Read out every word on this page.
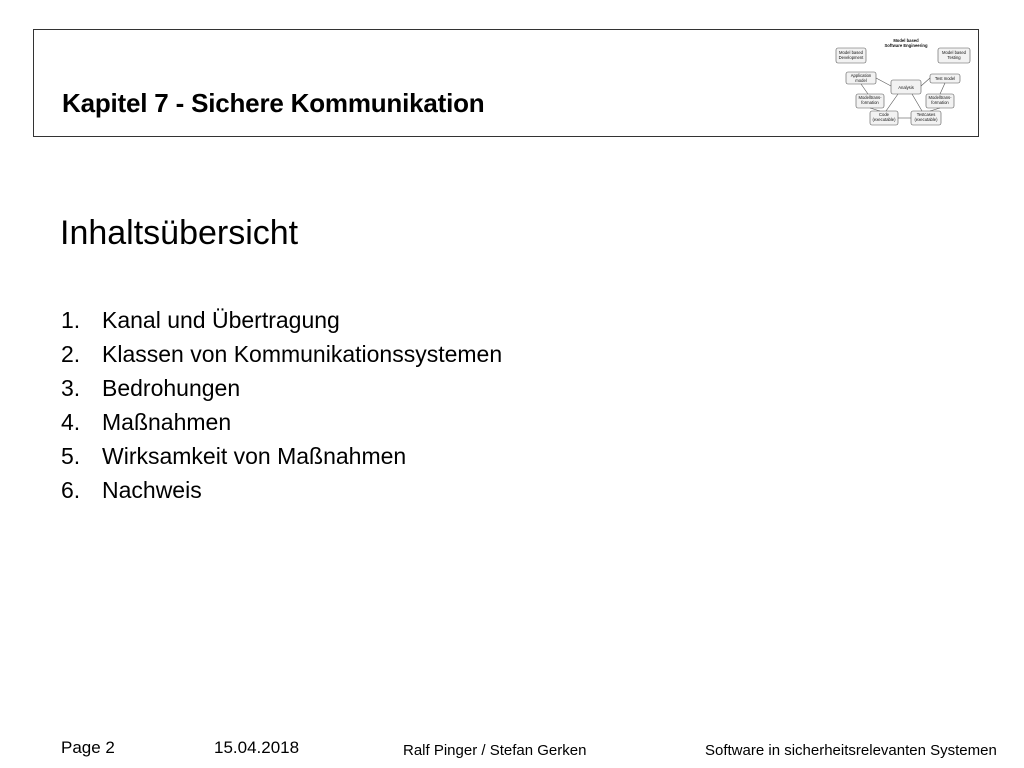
Kapitel 7 - Sichere Kommunikation
Model based
Software Engineering
Model based
Development
Model based
Testing
Application
model	Test model
Analysis
Modelltrans-
formation
Modelltrans-
formation
Code
(executable)
Testcases
(executable)
Inhaltsübersicht
1. Kanal und Übertragung
2. Klassen von Kommunikationssystemen
3. Bedrohungen
4. Maßnahmen
5. Wirksamkeit von Maßnahmen
6. Nachweis
Page 2	15.04.2018	Ralf Pinger / Stefan Gerken	Software in sicherheitsrelevanten Systemen
